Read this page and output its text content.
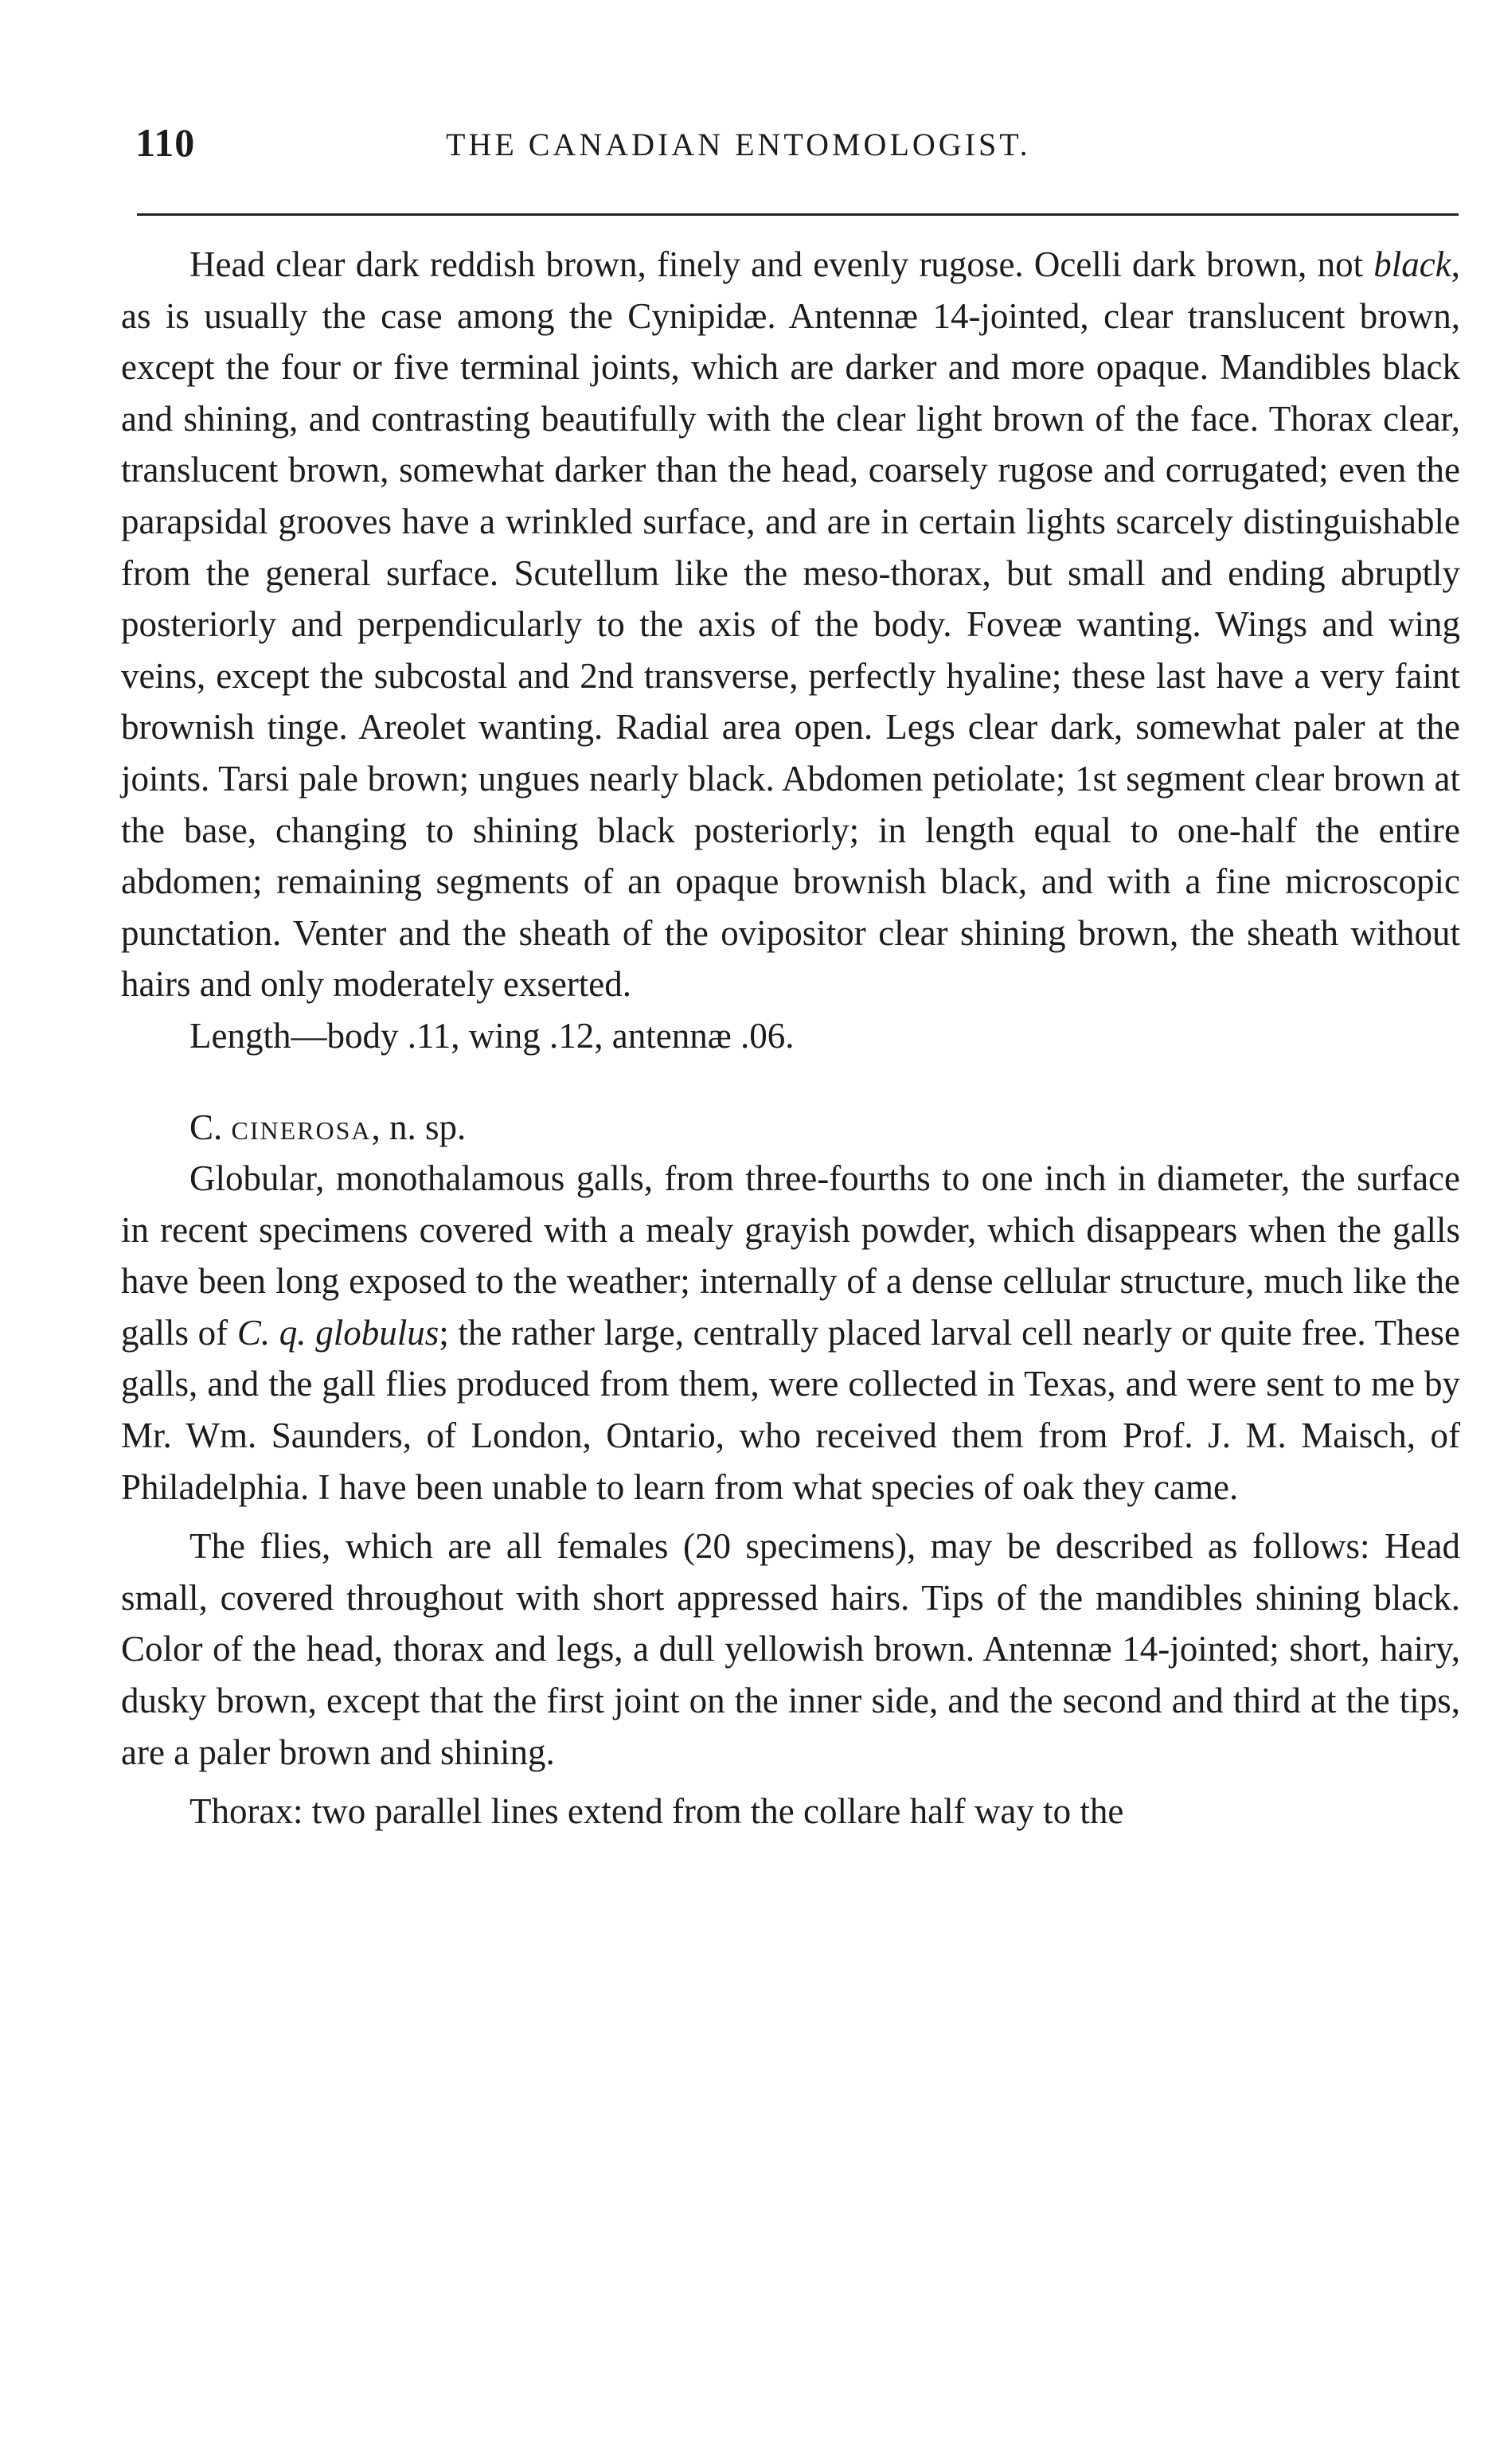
110	THE CANADIAN ENTOMOLOGIST.

Head clear dark reddish brown, finely and evenly rugose. Ocelli dark brown, not black, as is usually the case among the Cynipidæ. Antennæ 14-jointed, clear translucent brown, except the four or five terminal joints, which are darker and more opaque. Mandibles black and shining, and contrasting beautifully with the clear light brown of the face. Thorax clear, translucent brown, somewhat darker than the head, coarsely rugose and corrugated; even the parapsidal grooves have a wrinkled surface, and are in certain lights scarcely distinguishable from the general surface. Scutellum like the meso-thorax, but small and ending abruptly posteriorly and perpendicularly to the axis of the body. Foveæ wanting. Wings and wing veins, except the subcostal and 2nd transverse, perfectly hyaline; these last have a very faint brownish tinge. Areolet wanting. Radial area open. Legs clear dark, somewhat paler at the joints. Tarsi pale brown; ungues nearly black. Abdomen petiolate; 1st segment clear brown at the base, changing to shining black posteriorly; in length equal to one-half the entire abdomen; remaining segments of an opaque brownish black, and with a fine microscopic punctation. Venter and the sheath of the ovipositor clear shining brown, the sheath without hairs and only moderately exserted.

Length—body .11, wing .12, antennæ .06.

C. cinerosa, n. sp.

Globular, monothalamous galls, from three-fourths to one inch in diameter, the surface in recent specimens covered with a mealy grayish powder, which disappears when the galls have been long exposed to the weather; internally of a dense cellular structure, much like the galls of C. q. globulus; the rather large, centrally placed larval cell nearly or quite free. These galls, and the gall flies produced from them, were collected in Texas, and were sent to me by Mr. Wm. Saunders, of London, Ontario, who received them from Prof. J. M. Maisch, of Philadelphia. I have been unable to learn from what species of oak they came.

The flies, which are all females (20 specimens), may be described as follows: Head small, covered throughout with short appressed hairs. Tips of the mandibles shining black. Color of the head, thorax and legs, a dull yellowish brown. Antennæ 14-jointed; short, hairy, dusky brown, except that the first joint on the inner side, and the second and third at the tips, are a paler brown and shining.

Thorax: two parallel lines extend from the collare half way to the
